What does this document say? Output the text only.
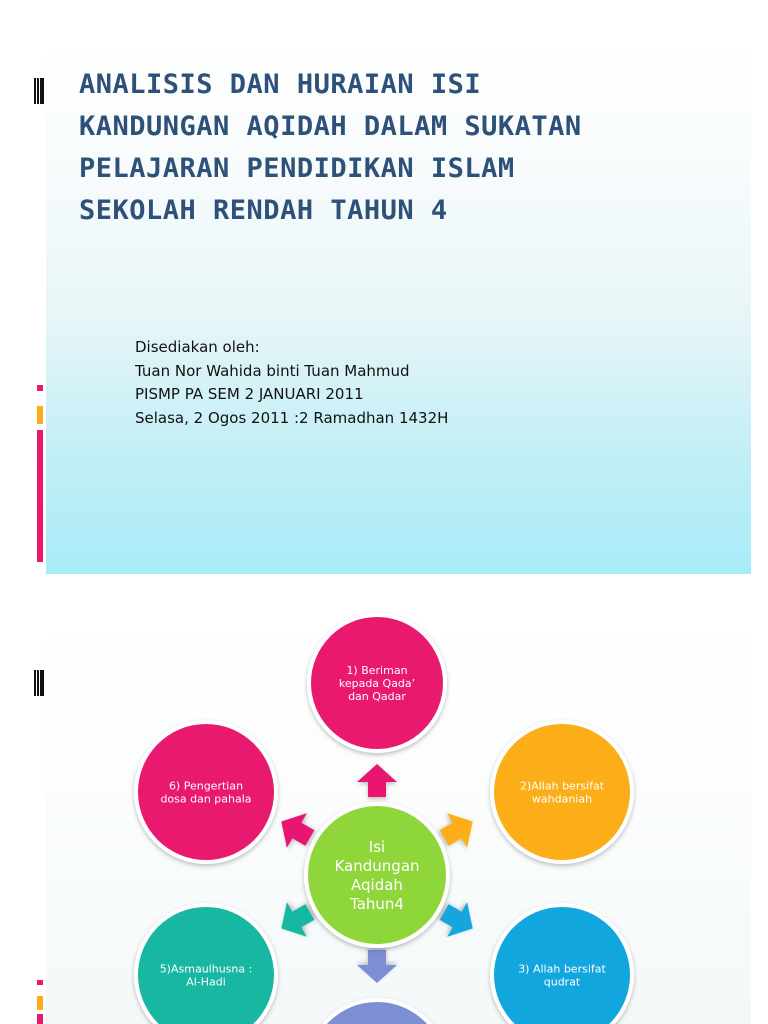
ANALISIS DAN HURAIAN ISI
KANDUNGAN AQIDAH DALAM SUKATAN
PELAJARAN PENDIDIKAN ISLAM
SEKOLAH RENDAH TAHUN 4
Disediakan oleh:
Tuan Nor Wahida binti Tuan Mahmud
PISMP PA SEM 2 JANUARI 2011
Selasa, 2 Ogos 2011 :2 Ramadhan 1432H
1) Beriman kepada Qada’ dan Qadar
2)Allah bersifat wahdaniah
3) Allah bersifat qudrat
5)Asmaulhusna : Al-Hadi
6) Pengertian dosa dan pahala
Isi Kandungan Aqidah Tahun4
